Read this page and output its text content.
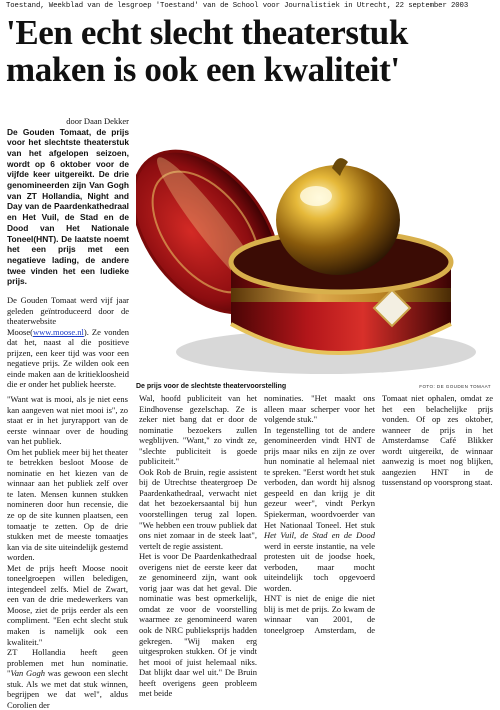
Toestand, Weekblad van de lesgroep 'Toestand' van de School voor Journalistiek in Utrecht, 22 september 2003
'Een echt slecht theaterstuk
maken is ook een kwaliteit'

door Daan Dekker

De Gouden Tomaat, de prijs voor het slechtste theaterstuk van het afgelopen seizoen, wordt op 6 oktober voor de vijfde keer uitgereikt. De drie genomineerden zijn Van Gogh van ZT Hollandia, Night and Day van de Paardenkathedraal en Het Vuil, de Stad en de Dood van Het Nationale Toneel(HNT). De laatste noemt het een prijs met een negatieve lading, de andere twee vinden het een ludieke prijs.

De Gouden Tomaat werd vijf jaar geleden geïntroduceerd door de theaterwebsite Moose(www.moose.nl). Ze vonden dat het, naast al die positieve prijzen, een keer tijd was voor een negatieve prijs. Ze wilden ook een einde maken aan de kritiekloosheid die er onder het publiek heerste.	De prijs voor de slechtste theatervoorstelling	FOTO: DE GOUDEN TOMAAT

"Want wat is mooi, als je niet eens kan aangeven wat niet mooi is", zo staat er in het juryrapport van de eerste winnaar over de houding van het publiek.

Om het publiek meer bij het theater te betrekken besloot Moose de nominatie en het kiezen van de winnaar aan het publiek zelf over te laten. Mensen kunnen stukken nomineren door hun recensie, die ze op de site kunnen plaatsen, een tomaatje te zetten. Op de drie stukken met de meeste tomaatjes kan via de site uiteindelijk gestemd worden.

Met de prijs heeft Moose nooit toneelgroepen willen beledigen, integendeel zelfs. Miel de Zwart, een van de drie medewerkers van Moose, ziet de prijs eerder als een compliment. "Een echt slecht stuk maken is namelijk ook een kwaliteit."

ZT Hollandia heeft geen problemen met hun nominatie. "Van Gogh was gewoon een slecht stuk. Als we met dat stuk winnen, begrijpen we dat wel", aldus Corolien der

Wal, hoofd publiciteit van het Eindhovense gezelschap. Ze is zeker niet bang dat er door de nominatie bezoekers zullen wegblijven. "Want," zo vindt ze, "slechte publiciteit is goede publiciteit."

Ook Rob de Bruin, regie assistent bij de Utrechtse theatergroep De Paardenkathedraal, verwacht niet dat het bezoekersaantal bij hun voorstellingen terug zal lopen. "We hebben een trouw publiek dat ons niet zomaar in de steek laat", vertelt de regie assistent.

Het is voor De Paardenkathedraal overigens niet de eerste keer dat ze genomineerd zijn, want ook vorig jaar was dat het geval. Die nominatie was best opmerkelijk, omdat ze voor de voorstelling waarmee ze genomineerd waren ook de NRC publieksprijs hadden gekregen. "Wij maken erg uitgesproken stukken. Of je vindt het mooi of juist helemaal niks. Dat blijkt daar wel uit." De Bruin heeft overigens geen probleem met beide

nominaties. "Het maakt ons alleen maar scherper voor het volgende stuk."

In tegenstelling tot de andere genomineerden vindt HNT de prijs maar niks en zijn ze over hun nominatie al helemaal niet te spreken. "Eerst wordt het stuk verboden, dan wordt hij alsnog gespeeld en dan krijg je dit gezeur weer", vindt Perkyn Spiekerman, woordvoerder van Het Nationaal Toneel. Het stuk Het Vuil, de Stad en de Dood werd in eerste instantie, na vele protesten uit de joodse hoek, verboden, maar mocht uiteindelijk toch opgevoerd worden.

HNT is niet de enige die niet blij is met de prijs. Zo kwam de winnaar van 2001, de toneelgroep Amsterdam, de Tomaat niet ophalen, omdat ze het een belachelijke prijs vonden. Of op zes oktober, wanneer de prijs in het Amsterdamse Café Blikker wordt uitgereikt, de winnaar aanwezig is moet nog blijken, aangezien HNT in de tussenstand op voorsprong staat.
